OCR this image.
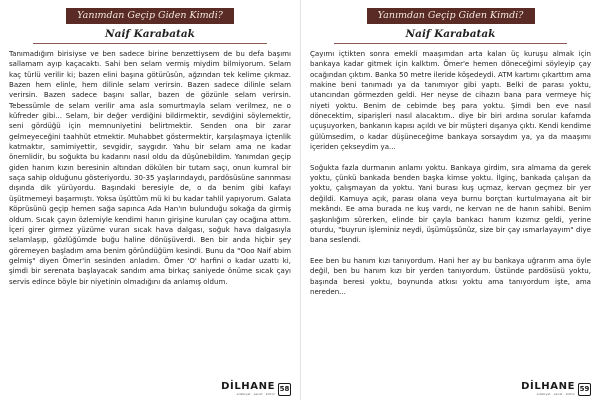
Yanımdan Geçip Giden Kimdi?
Naif Karabatak

Tanımadığım birisiyse ve ben sadece birine benzettiysem de bu defa başımı sallamam ayıp kaçacaktı. Sahi ben selam vermiş miydim bilmiyorum. Selam kaç türlü verilir ki; bazen elini başına götürüsün, ağzından tek kelime çıkmaz. Bazen hem elinle, hem dilinle selam verirsin. Bazen sadece dilinle selam verirsin. Bazen sadece başını sallar, bazen de gözünle selam verirsin. Tebessümle de selam verilir ama asla somurtmayla selam verilmez, ne o küfreder gibi... Selam, bir değer verdiğini bildirmektir, sevdiğini söylemektir, seni gördüğü için memnuniyetini belirtmektir. Senden ona bir zarar gelmeyeceğini taahhüt etmektir. Muhabbet göstermektir, karşılaşmaya içtenlik katmaktır, samimiyettir, sevgidir, saygıdır. Yahu bir selam ama ne kadar önemlidir, bu soğukta bu kadarını nasıl oldu da düşünebildim. Yanımdan geçip giden hanım kızın beresinin altından dökülen bir tutam saçı, onun kumral bir saça sahip olduğunu gösteriyordu. 30-35 yaşlarındaydı, pardösüsüne sarınması dışında dik yürüyordu. Başındaki beresiyle de, o da benim gibi kafayı üşütmemeyi başarmıştı. Yoksa üşüttüm mü ki bu kadar tahlil yapıyorum. Galata Köprüsünü geçip hemen sağa sapınca Ada Han'ın bulunduğu sokağa da girmiş oldum. Sıcak çayın özlemiyle kendimi hanın girişine kurulan çay ocağına attım. İçeri girer girmez yüzüme vuran sıcak hava dalgası, soğuk hava dalgasıyla selamlaşıp, gözlüğümde buğu haline dönüşüverdi. Ben bir anda hiçbir şey göremeyen başladım ama benim göründüğüm kesindi. Bunu da "Ooo Naif abim gelmiş" diyen Ömer'in sesinden anladım. Ömer 'O' harfini o kadar uzattı ki, şimdi bir serenata başlayacak sandım ama birkaç saniyede önüme sıcak çayı servis edince böyle bir niyetinin olmadığını da anlamış oldum.

DİLHANE
edebiyat · sanat · kültür
58
Yanımdan Geçip Giden Kimdi?
Naif Karabatak

Çayımı içtikten sonra emekli maaşımdan arta kalan üç kuruşu almak için bankaya kadar gitmek için kalktım. Ömer'e hemen döneceğimi söyleyip çay ocağından çıktım. Banka 50 metre ileride köşedeydi. ATM kartımı çıkarttım ama makine beni tanımadı ya da tanımıyor gibi yaptı. Belki de parası yoktu, utancından görmezden geldi. Her neyse de cihazın bana para vermeye hiç niyeti yoktu. Benim de cebimde beş para yoktu. Şimdi ben eve nasıl dönecektim, siparişleri nasıl alacaktım.. diye bir biri ardına sorular kafamda uçuşuyorken, bankanın kapısı açıldı ve bir müşteri dışarıya çıktı. Kendi kendime gülümsedim, o kadar düşüneceğime bankaya sorsaydım ya, ya da maaşımı içeriden çekseydim ya...

Soğukta fazla durmanın anlamı yoktu. Bankaya girdim, sıra almama da gerek yoktu, çünkü bankada benden başka kimse yoktu. İlginç, bankada çalışan da yoktu, çalışmayan da yoktu. Yani burası kuş uçmaz, kervan geçmez bir yer değildi. Kamuya açık, parası olana veya burnu borçtan kurtulmayana ait bir mekândı. Ee ama burada ne kuş vardı, ne kervan ne de hanın sahibi. Benim şaşkınlığım sürerken, elinde bir çayla bankacı hanım kızımız geldi, yerine oturdu, "buyrun işleminiz neydi, üşümüşsünüz, size bir çay ısmarlayayım" diye bana seslendi.

Eee ben bu hanım kızı tanıyordum. Hani her ay bu bankaya uğrarım ama öyle değil, ben bu hanım kızı bir yerden tanıyordum. Üstünde pardösüsü yoktu, başında beresi yoktu, boynunda atkısı yoktu ama tanıyordum işte, ama nereden...

DİLHANE
edebiyat · sanat · kültür
59
